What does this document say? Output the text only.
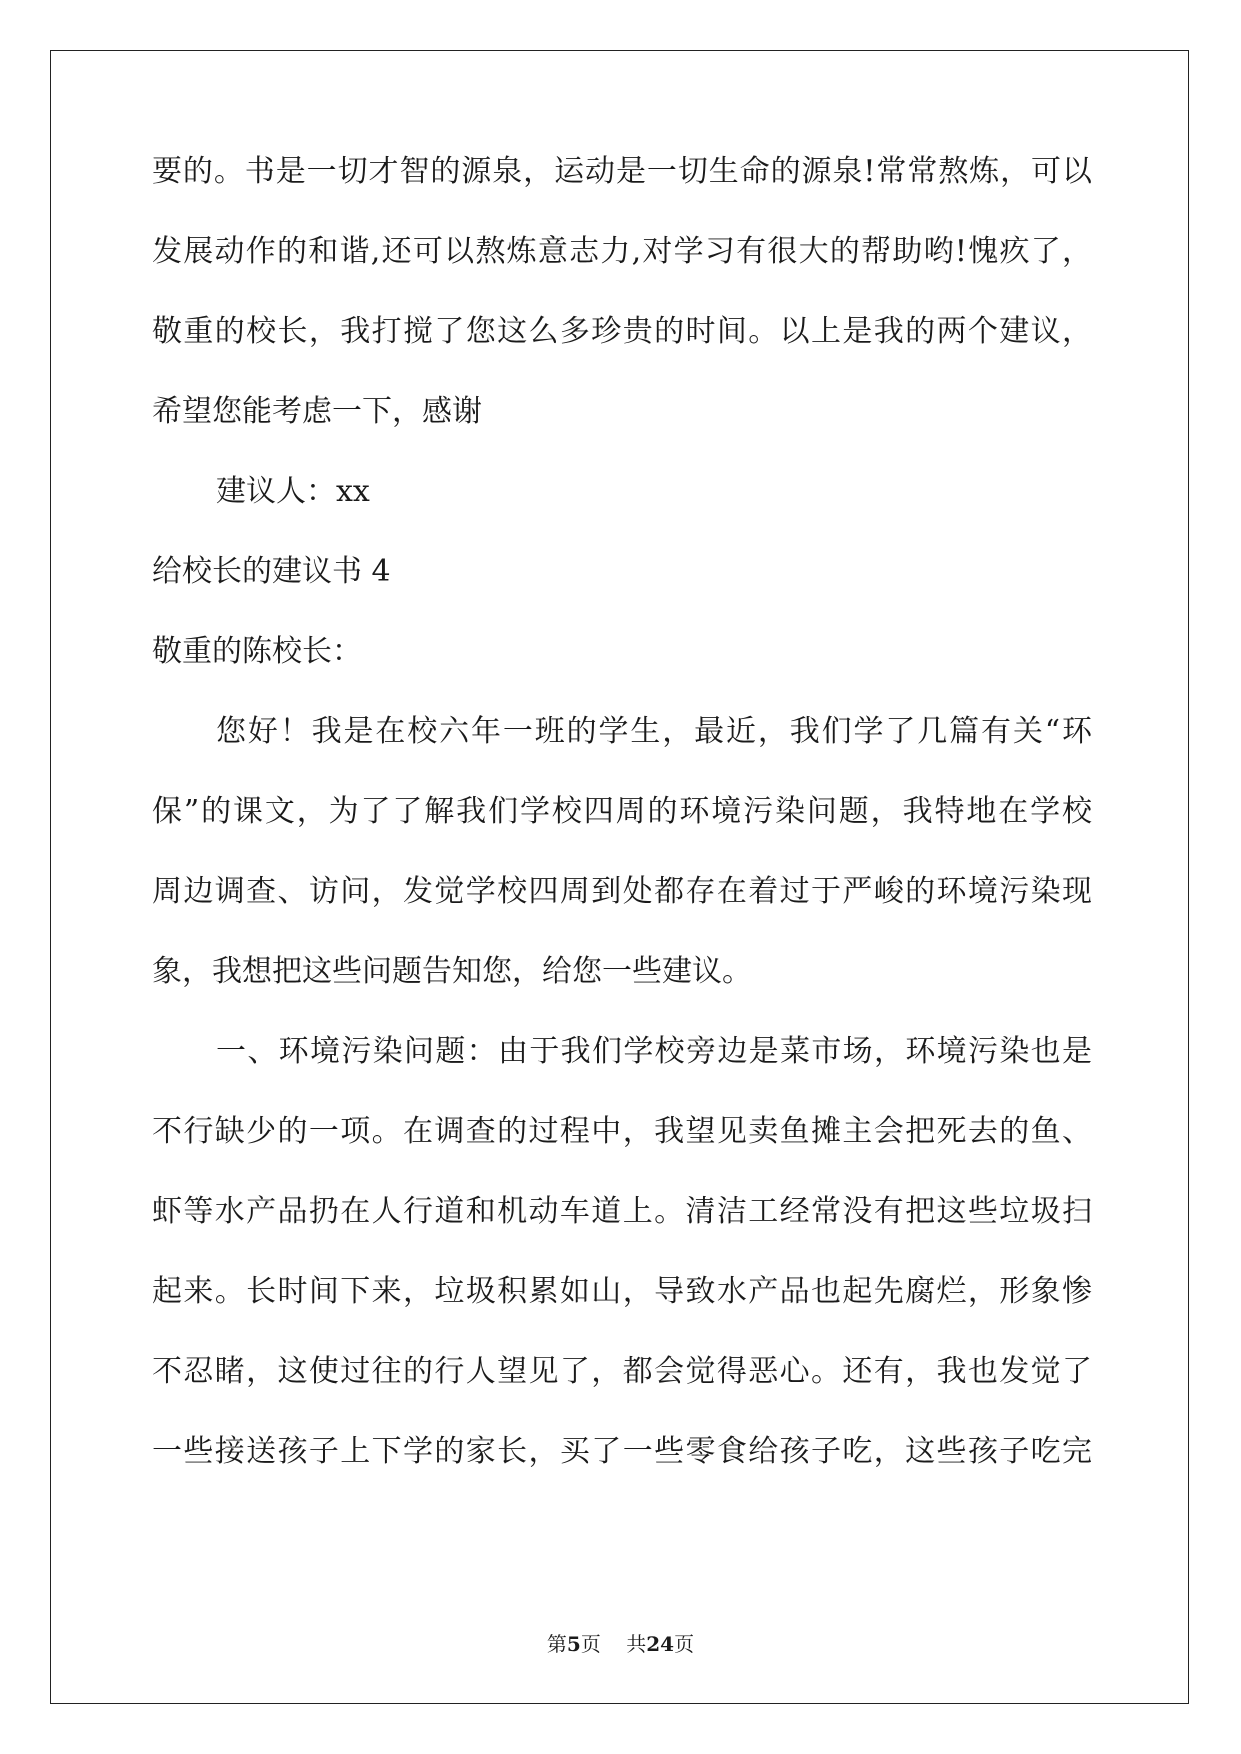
要的。书是一切才智的源泉，运动是一切生命的源泉!常常熬炼，可以
发展动作的和谐,还可以熬炼意志力,对学习有很大的帮助哟!愧疚了，
敬重的校长，我打搅了您这么多珍贵的时间。以上是我的两个建议，
希望您能考虑一下，感谢
建议人：xx
给校长的建议书 4
敬重的陈校长：
您好！我是在校六年一班的学生，最近，我们学了几篇有关“环
保”的课文，为了了解我们学校四周的环境污染问题，我特地在学校
周边调查、访问，发觉学校四周到处都存在着过于严峻的环境污染现
象，我想把这些问题告知您，给您一些建议。
一、环境污染问题：由于我们学校旁边是菜市场，环境污染也是
不行缺少的一项。在调查的过程中，我望见卖鱼摊主会把死去的鱼、
虾等水产品扔在人行道和机动车道上。清洁工经常没有把这些垃圾扫
起来。长时间下来，垃圾积累如山，导致水产品也起先腐烂，形象惨
不忍睹，这使过往的行人望见了，都会觉得恶心。还有，我也发觉了
一些接送孩子上下学的家长，买了一些零食给孩子吃，这些孩子吃完
第5页 共24页
